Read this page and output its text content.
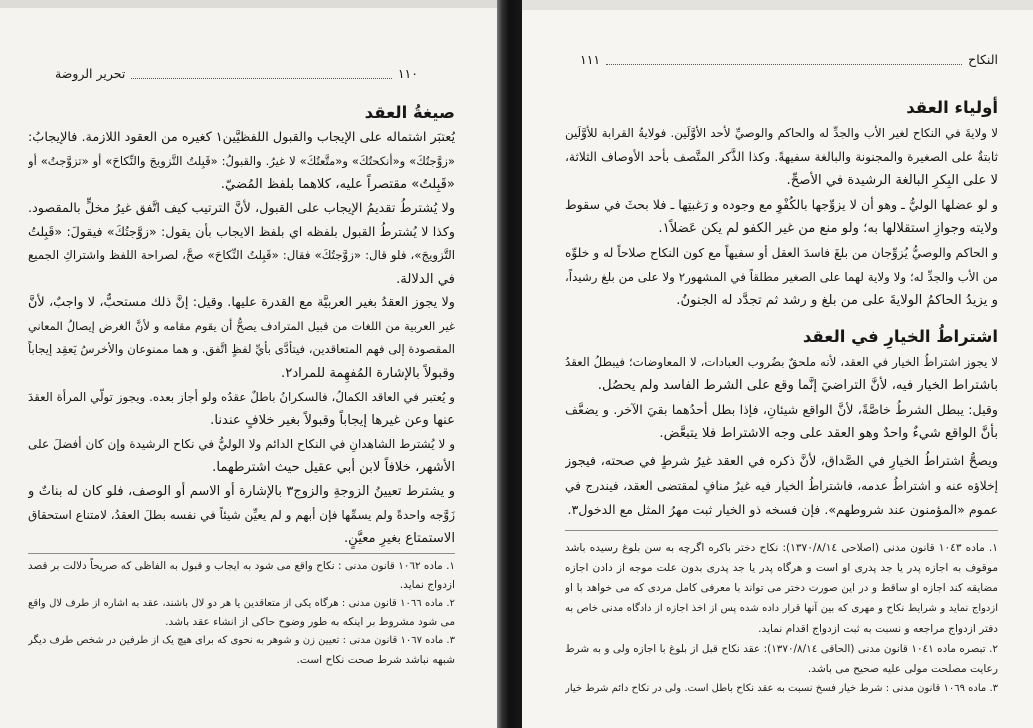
١١٠
تحرير الروضة
صيغةُ العقد
يُعتبَر اشتماله على الإيجاب والقبول اللفظيَّين١ كغيره من العقود اللازمة. فالإيجابُ:
«زوَّجتُكَ» و«أنكحتُكَ» و«متَّعتُكَ» لا غيرُ. والقبولُ: «قَبِلتُ التَّزويجَ والنِّكاحَ» أو «تزوَّجتُ» أو
«قَبِلتُ» مقتصراً عليه، كلاهما بلفظ المُضيّ.
ولا يُشترطُ تقديمُ الإيجاب على القبول، لأنَّ الترتيب كيف اتَّفق غيرُ مخلٍّ بالمقصود.
وكذا لا يُشترطُ القبول بلفظه اي بلفظ الايجاب بأن يقول: «زوَّجتُكَ» فيقولَ: «قَبِلتُ
التَّزويجَ»، فلو قال: «زوَّجتُكَ» فقال: «قَبِلتُ النِّكاحَ» صحَّ، لصراحة اللفظ واشتراكِ الجميع
في الدلالة.
ولا يجوز العقدُ بغير العربيَّة مع القدرة عليها. وقيل: إنَّ ذلك مستحبٌّ، لا واجبٌ، لأنَّ
غير العربية من اللغات من قبيل المترادف يصحُّ أن يقوم مقامه و لأنَّ الغرض إيصالُ المعاني
المقصودة إلى فهم المتعاقدين، فيتأدَّى بأيِّ لفظٍ اتَّفق. و هما ممنوعان والأخرسُ يَعقِد إيجاباً
وقبولاً بالإشارة المُفهِمة للمراد٢.
و يُعتبر في العاقد الكمالُ، فالسكرانُ باطلٌ عقدُه ولو أجاز بعده. ويجوز تولّي المرأة العقدَ
عنها وعن غيرها إيجاباً وقبولاً بغير خلافٍ عندنا.
و لا يُشترط الشاهدانِ في النكاح الدائم ولا الوليُّ في نكاح الرشيدة وإن كان أفضلَ على
الأشهر، خلافاً لابن أبي عقيل حيث اشترطهما.
و يشترط تعيينُ الزوجةِ والزوج٣ بالإشارة أو الاسم أو الوصف، فلو كان له بناتٌ و
زَوَّجه واحدةً ولم يسمِّها فإن أبهم و لم يعيِّن شيئاً في نفسه بطلَ العقدُ، لامتناع استحقاق
الاستمتاع بغيرِ معيَّنٍ.
١. ماده ١٠٦٢ قانون مدنی : نکاح واقع می شود به ایجاب و قبول به الفاظی که صریحاً دلالت بر قصد
ازدواج نماید.
٢. ماده ١٠٦٦ قانون مدنی : هرگاه یکی از متعاقدین یا هر دو لال باشند، عقد به اشاره از طرف لال واقع
می شود مشروط بر اینکه به طور وضوح حاکی از انشاء عقد باشد.
٣. ماده ١٠٦٧ قانون مدنی : تعیین زن و شوهر به نحوی که برای هیچ یک از طرفین در شخص طرف دیگر
شبهه نباشد شرط صحت نکاح است.
النكاح
١١١
أولياء العقد
لا ولايةَ في النكاح لغير الأب والجدِّ له والحاكم والوصيِّ لأحد الأوَّلَين. فولايةُ القرابة للأوَّلَين
ثابتةٌ على الصغيرة والمجنونة والبالغة سفيهةً. وكذا الذَّكر المتَّصف بأحد الأوصاف الثلاثة،
لا على البِكرِ البالغة الرشيدة في الأصحِّ.
و لو عضلها الوليُّ ـ وهو أن لا يزوِّجها بالكُفْوِ مع وجوده و رَغبتِها ـ فلا بحثَ في سقوط
ولايته وجوازِ استقلالها به؛ ولو منع من غير الكفو لم يكن عَضلاً١.
و الحاكم والوصيُّ يُزوِّجان من بلغَ فاسدَ العقل أو سفيهاً مع كون النكاح صلاحاً له و خلوِّه
من الأب والجدِّ له؛ ولا ولاية لهما على الصغير مطلقاً في المشهور٢ ولا على من بلغ رشيداً،
و يزيدُ الحاكمُ الولايةَ على من بلغ و رشد ثم تجدَّد له الجنونُ.
اشتراطُ الخيارِ في العقد
لا يجوز اشتراطُ الخيار في العقد، لأنه ملحقٌ بضُروب العبادات، لا المعاوضات؛ فيبطلُ العقدُ
باشتراط الخيار فيه، لأنَّ التراضيَ إنَّما وقع على الشرط الفاسد ولم يحصُل.
وقيل: يبطل الشرطُ خاصَّةً، لأنَّ الواقع شيئانِ، فإذا بطل أحدُهما بقيَ الآخر. و يضعَّف
بأنَّ الواقع شيءٌ واحدٌ وهو العقد على وجه الاشتراط فلا يتبعَّض.
ويصحُّ اشتراطُ الخيارِ في الصَّداق، لأنَّ ذكره في العقد غيرُ شرطٍ في صحته، فيجوز
إخلاؤه عنه و اشتراطُ عدمه، فاشتراطُ الخيار فيه غيرُ منافٍ لمقتضى العقد، فيندرج في
عموم «المؤمنون عند شروطهم». فإن فسخه ذو الخيار ثبت مهرُ المثل مع الدخول٣.
١. ماده ١٠٤٣ قانون مدنی (اصلاحی ١٣٧٠/٨/١٤): نکاح دختر باکره اگرچه به سن بلوغ رسیده باشد
موقوف به اجازه پدر یا جد پدری او است و هرگاه پدر یا جد پدری بدون علت موجه از دادن اجازه
مضایقه کند اجازه او ساقط و در این صورت دختر می تواند با معرفی کامل مردی که می خواهد با او
ازدواج نماید و شرایط نکاح و مهری که بین آنها قرار داده شده پس از اخذ اجازه از دادگاه مدنی خاص به
دفتر ازدواج مراجعه و نسبت به ثبت ازدواج اقدام نماید.
٢. تبصره ماده ١٠٤١ قانون مدنی (الحاقی ١٣٧٠/٨/١٤): عقد نکاح قبل از بلوغ با اجازه ولی و به شرط
رعایت مصلحت مولی علیه صحیح می باشد.
٣. ماده ١٠٦٩ قانون مدنی : شرط خیار فسخ نسبت به عقد نکاح باطل است. ولی در نکاح دائم شرط خیار
